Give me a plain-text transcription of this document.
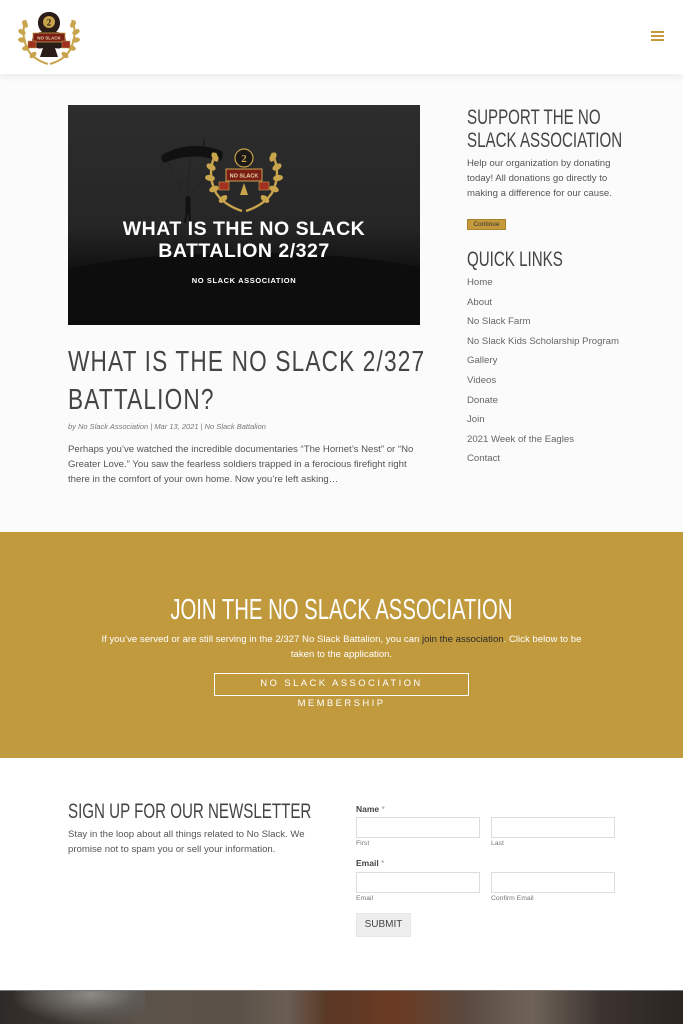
2
NO SLACK
2
NO SLACK
WHAT IS THE NO SLACK BATTALION 2/327
NO SLACK ASSOCIATION
WHAT IS THE NO SLACK 2/327 BATTALION?
by No Slack Association | Mar 13, 2021 | No Slack Battalion

Perhaps you’ve watched the incredible documentaries “The Hornet’s Nest” or “No Greater Love.” You saw the fearless soldiers trapped in a ferocious firefight right there in the comfort of your own home. Now you’re left asking…

SUPPORT THE NO
SLACK ASSOCIATION

Help our organization by donating today! All donations go directly to making a difference for our cause.

Continue
QUICK LINKS
Home
About
No Slack Farm
No Slack Kids Scholarship Program
Gallery
Videos
Donate
Join
2021 Week of the Eagles
Contact
JOIN THE NO SLACK ASSOCIATION

If you’ve served or are still serving in the 2/327 No Slack Battalion, you can join the association. Click below to be taken to the application.

NO SLACK ASSOCIATION MEMBERSHIP
SIGN UP FOR OUR NEWSLETTER

Stay in the loop about all things related to No Slack. We promise not to spam you or sell your information.

Name *
First	Last
Email *
Email	Confirm Email
SUBMIT
